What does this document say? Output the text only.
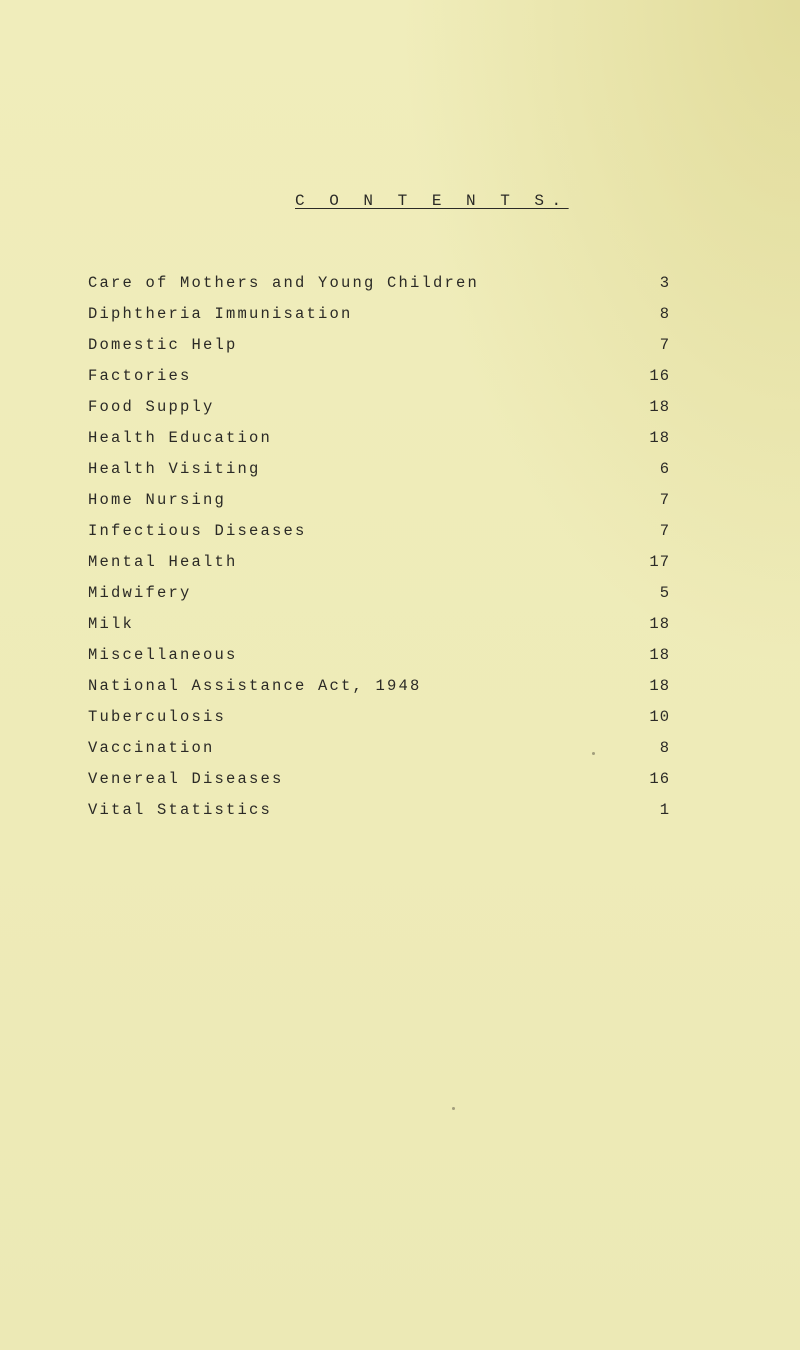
C O N T E N T S.
Care of Mothers and Young Children	3
Diphtheria Immunisation	8
Domestic Help	7
Factories	16
Food Supply	18
Health Education	18
Health Visiting	6
Home Nursing	7
Infectious Diseases	7
Mental Health	17
Midwifery	5
Milk	18
Miscellaneous	18
National Assistance Act, 1948	18
Tuberculosis	10
Vaccination	8
Venereal Diseases	16
Vital Statistics	1
